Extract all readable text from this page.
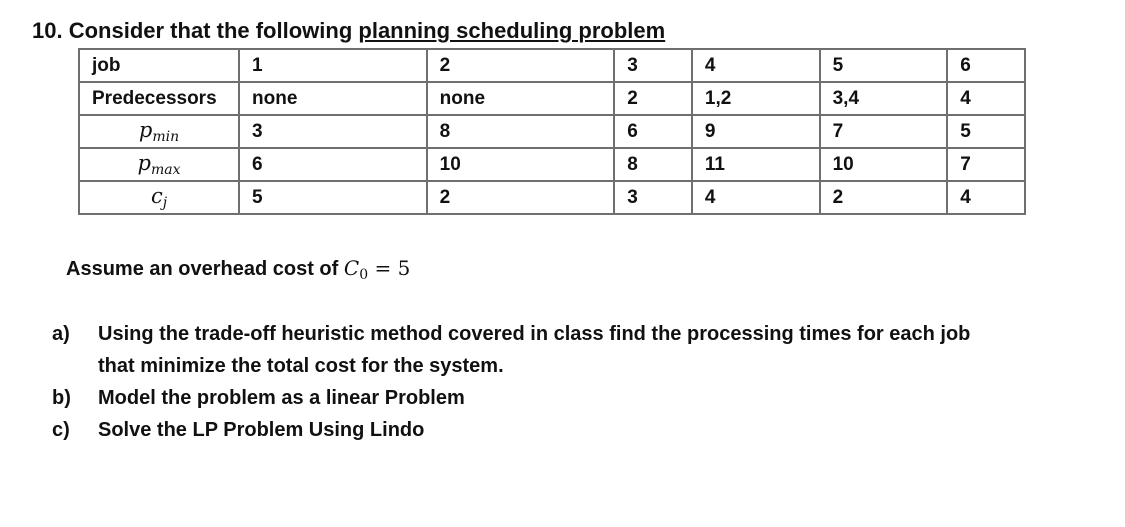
10. Consider that the following planning scheduling problem
job	1	2	3	4	5	6
Predecessors	none	none	2	1,2	3,4	4
$p_{min}$	3	8	6	9	7	5
$p_{max}$	6	10	8	11	10	7
$c_j$	5	2	3	4	2	4
Assume an overhead cost of $C_0 = 5$
a) Using the trade-off heuristic method covered in class find the processing times for each job
that minimize the total cost for the system.
b) Model the problem as a linear Problem
c) Solve the LP Problem Using Lindo
